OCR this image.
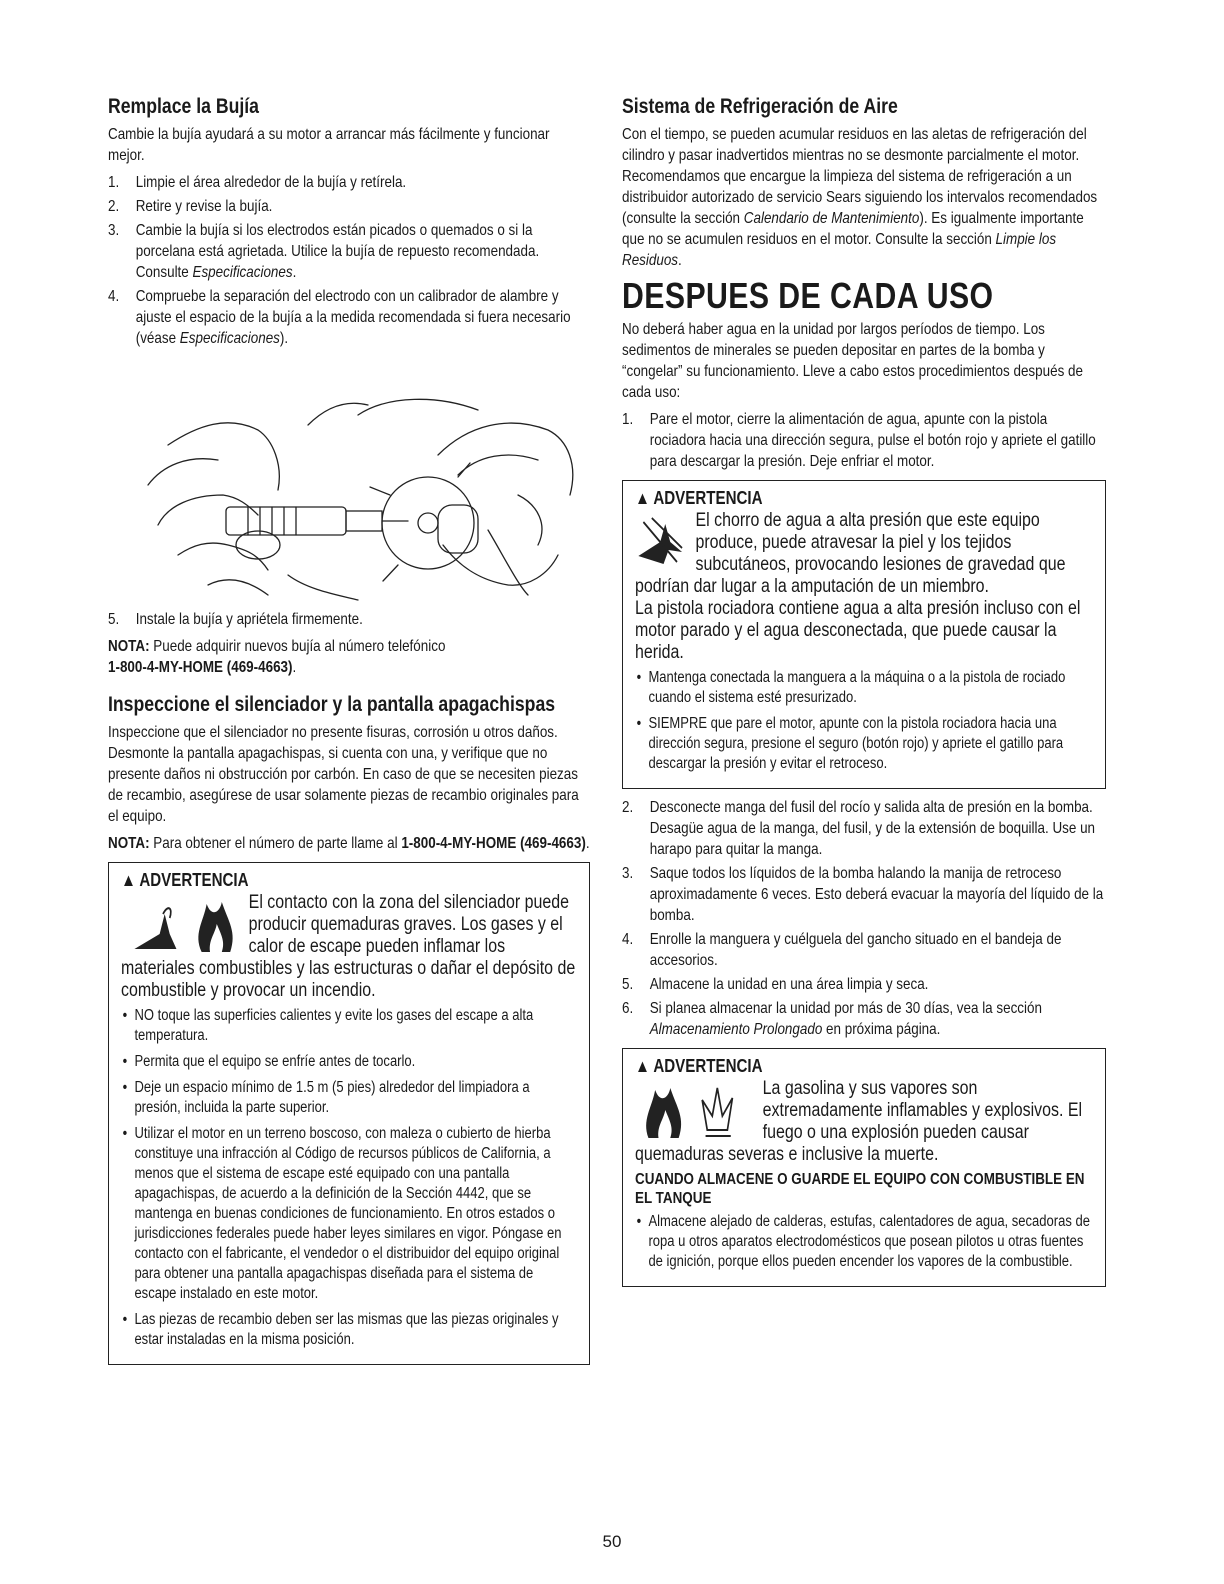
Remplace la Bujía
Cambie la bujía ayudará a su motor a arrancar más fácilmente y funcionar mejor.
1. Limpie el área alrededor de la bujía y retírela.
2. Retire y revise la bujía.
3. Cambie la bujía si los electrodos están picados o quemados o si la porcelana está agrietada. Utilice la bujía de repuesto recomendada. Consulte Especificaciones.
4. Compruebe la separación del electrodo con un calibrador de alambre y ajuste el espacio de la bujía a la medida recomendada si fuera necesario (véase Especificaciones).
5. Instale la bujía y apriétela firmemente.
NOTA: Puede adquirir nuevos bujía al número telefónico
1-800-4-MY-HOME (469-4663).
Inspeccione el silenciador y la pantalla apagachispas
Inspeccione que el silenciador no presente fisuras, corrosión u otros daños. Desmonte la pantalla apagachispas, si cuenta con una, y verifique que no presente daños ni obstrucción por carbón. En caso de que se necesiten piezas de recambio, asegúrese de usar solamente piezas de recambio originales para el equipo.
NOTA: Para obtener el número de parte llame al 1-800-4-MY-HOME (469-4663).
▲ ADVERTENCIA
El contacto con la zona del silenciador puede producir quemaduras graves. Los gases y el calor de escape pueden inflamar los materiales combustibles y las estructuras o dañar el depósito de combustible y provocar un incendio.
• NO toque las superficies calientes y evite los gases del escape a alta temperatura.
• Permita que el equipo se enfríe antes de tocarlo.
• Deje un espacio mínimo de 1.5 m (5 pies) alrededor del limpiadora a presión, incluida la parte superior.
• Utilizar el motor en un terreno boscoso, con maleza o cubierto de hierba constituye una infracción al Código de recursos públicos de California, a menos que el sistema de escape esté equipado con una pantalla apagachispas, de acuerdo a la definición de la Sección 4442, que se mantenga en buenas condiciones de funcionamiento. En otros estados o jurisdicciones federales puede haber leyes similares en vigor. Póngase en contacto con el fabricante, el vendedor o el distribuidor del equipo original para obtener una pantalla apagachispas diseñada para el sistema de escape instalado en este motor.
• Las piezas de recambio deben ser las mismas que las piezas originales y estar instaladas en la misma posición.
Sistema de Refrigeración de Aire
Con el tiempo, se pueden acumular residuos en las aletas de refrigeración del cilindro y pasar inadvertidos mientras no se desmonte parcialmente el motor. Recomendamos que encargue la limpieza del sistema de refrigeración a un distribuidor autorizado de servicio Sears siguiendo los intervalos recomendados (consulte la sección Calendario de Mantenimiento). Es igualmente importante que no se acumulen residuos en el motor. Consulte la sección Limpie los Residuos.
DESPUES DE CADA USO
No deberá haber agua en la unidad por largos períodos de tiempo. Los sedimentos de minerales se pueden depositar en partes de la bomba y “congelar” su funcionamiento. Lleve a cabo estos procedimientos después de cada uso:
1. Pare el motor, cierre la alimentación de agua, apunte con la pistola rociadora hacia una dirección segura, pulse el botón rojo y apriete el gatillo para descargar la presión. Deje enfriar el motor.
▲ ADVERTENCIA
El chorro de agua a alta presión que este equipo produce, puede atravesar la piel y los tejidos subcutáneos, provocando lesiones de gravedad que podrían dar lugar a la amputación de un miembro.
La pistola rociadora contiene agua a alta presión incluso con el motor parado y el agua desconectada, que puede causar la herida.
• Mantenga conectada la manguera a la máquina o a la pistola de rociado cuando el sistema esté presurizado.
• SIEMPRE que pare el motor, apunte con la pistola rociadora hacia una dirección segura, presione el seguro (botón rojo) y apriete el gatillo para descargar la presión y evitar el retroceso.
2. Desconecte manga del fusil del rocío y salida alta de presión en la bomba. Desagüe agua de la manga, del fusil, y de la extensión de boquilla. Use un harapo para quitar la manga.
3. Saque todos los líquidos de la bomba halando la manija de retroceso aproximadamente 6 veces. Esto deberá evacuar la mayoría del líquido de la bomba.
4. Enrolle la manguera y cuélguela del gancho situado en el bandeja de accesorios.
5. Almacene la unidad en una área limpia y seca.
6. Si planea almacenar la unidad por más de 30 días, vea la sección Almacenamiento Prolongado en próxima página.
▲ ADVERTENCIA
La gasolina y sus vapores son extremadamente inflamables y explosivos. El fuego o una explosión pueden causar quemaduras severas e inclusive la muerte.
CUANDO ALMACENE O GUARDE EL EQUIPO CON COMBUSTIBLE EN EL TANQUE
• Almacene alejado de calderas, estufas, calentadores de agua, secadoras de ropa u otros aparatos electrodomésticos que posean pilotos u otras fuentes de ignición, porque ellos pueden encender los vapores de la combustible.
50
